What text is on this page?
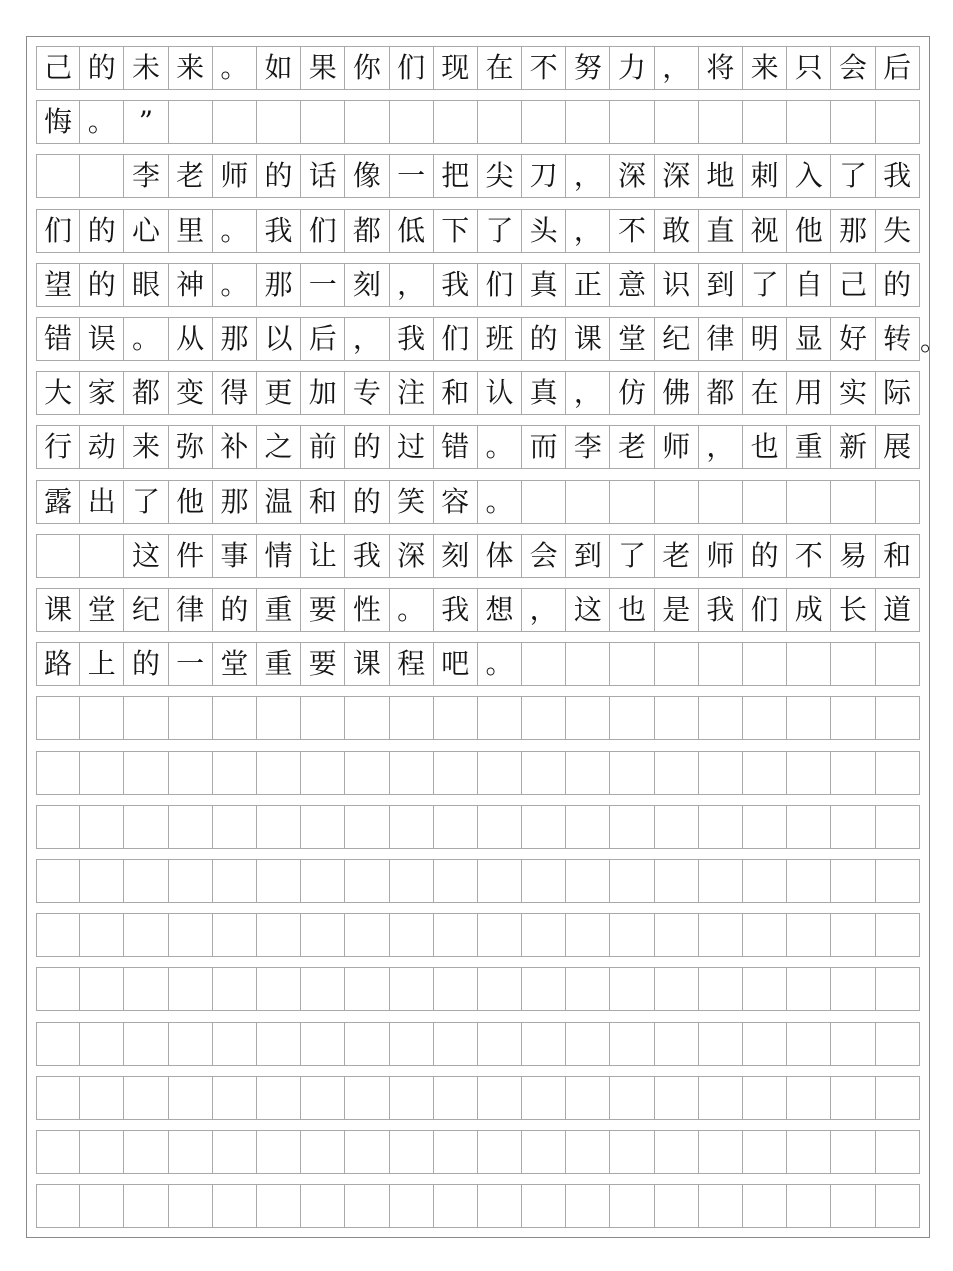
己 的 未 来 。 如 果 你 们 现 在 不 努 力 ， 将 来 只 会 后
悔 。 ”
李 老 师 的 话 像 一 把 尖 刀 ， 深 深 地 刺 入 了 我
们 的 心 里 。 我 们 都 低 下 了 头 ， 不 敢 直 视 他 那 失
望 的 眼 神 。 那 一 刻 ， 我 们 真 正 意 识 到 了 自 己 的
错 误 。 从 那 以 后 ， 我 们 班 的 课 堂 纪 律 明 显 好 转 。
大 家 都 变 得 更 加 专 注 和 认 真 ， 仿 佛 都 在 用 实 际
行 动 来 弥 补 之 前 的 过 错 。 而 李 老 师 ， 也 重 新 展
露 出 了 他 那 温 和 的 笑 容 。
这 件 事 情 让 我 深 刻 体 会 到 了 老 师 的 不 易 和
课 堂 纪 律 的 重 要 性 。 我 想 ， 这 也 是 我 们 成 长 道
路 上 的 一 堂 重 要 课 程 吧 。
